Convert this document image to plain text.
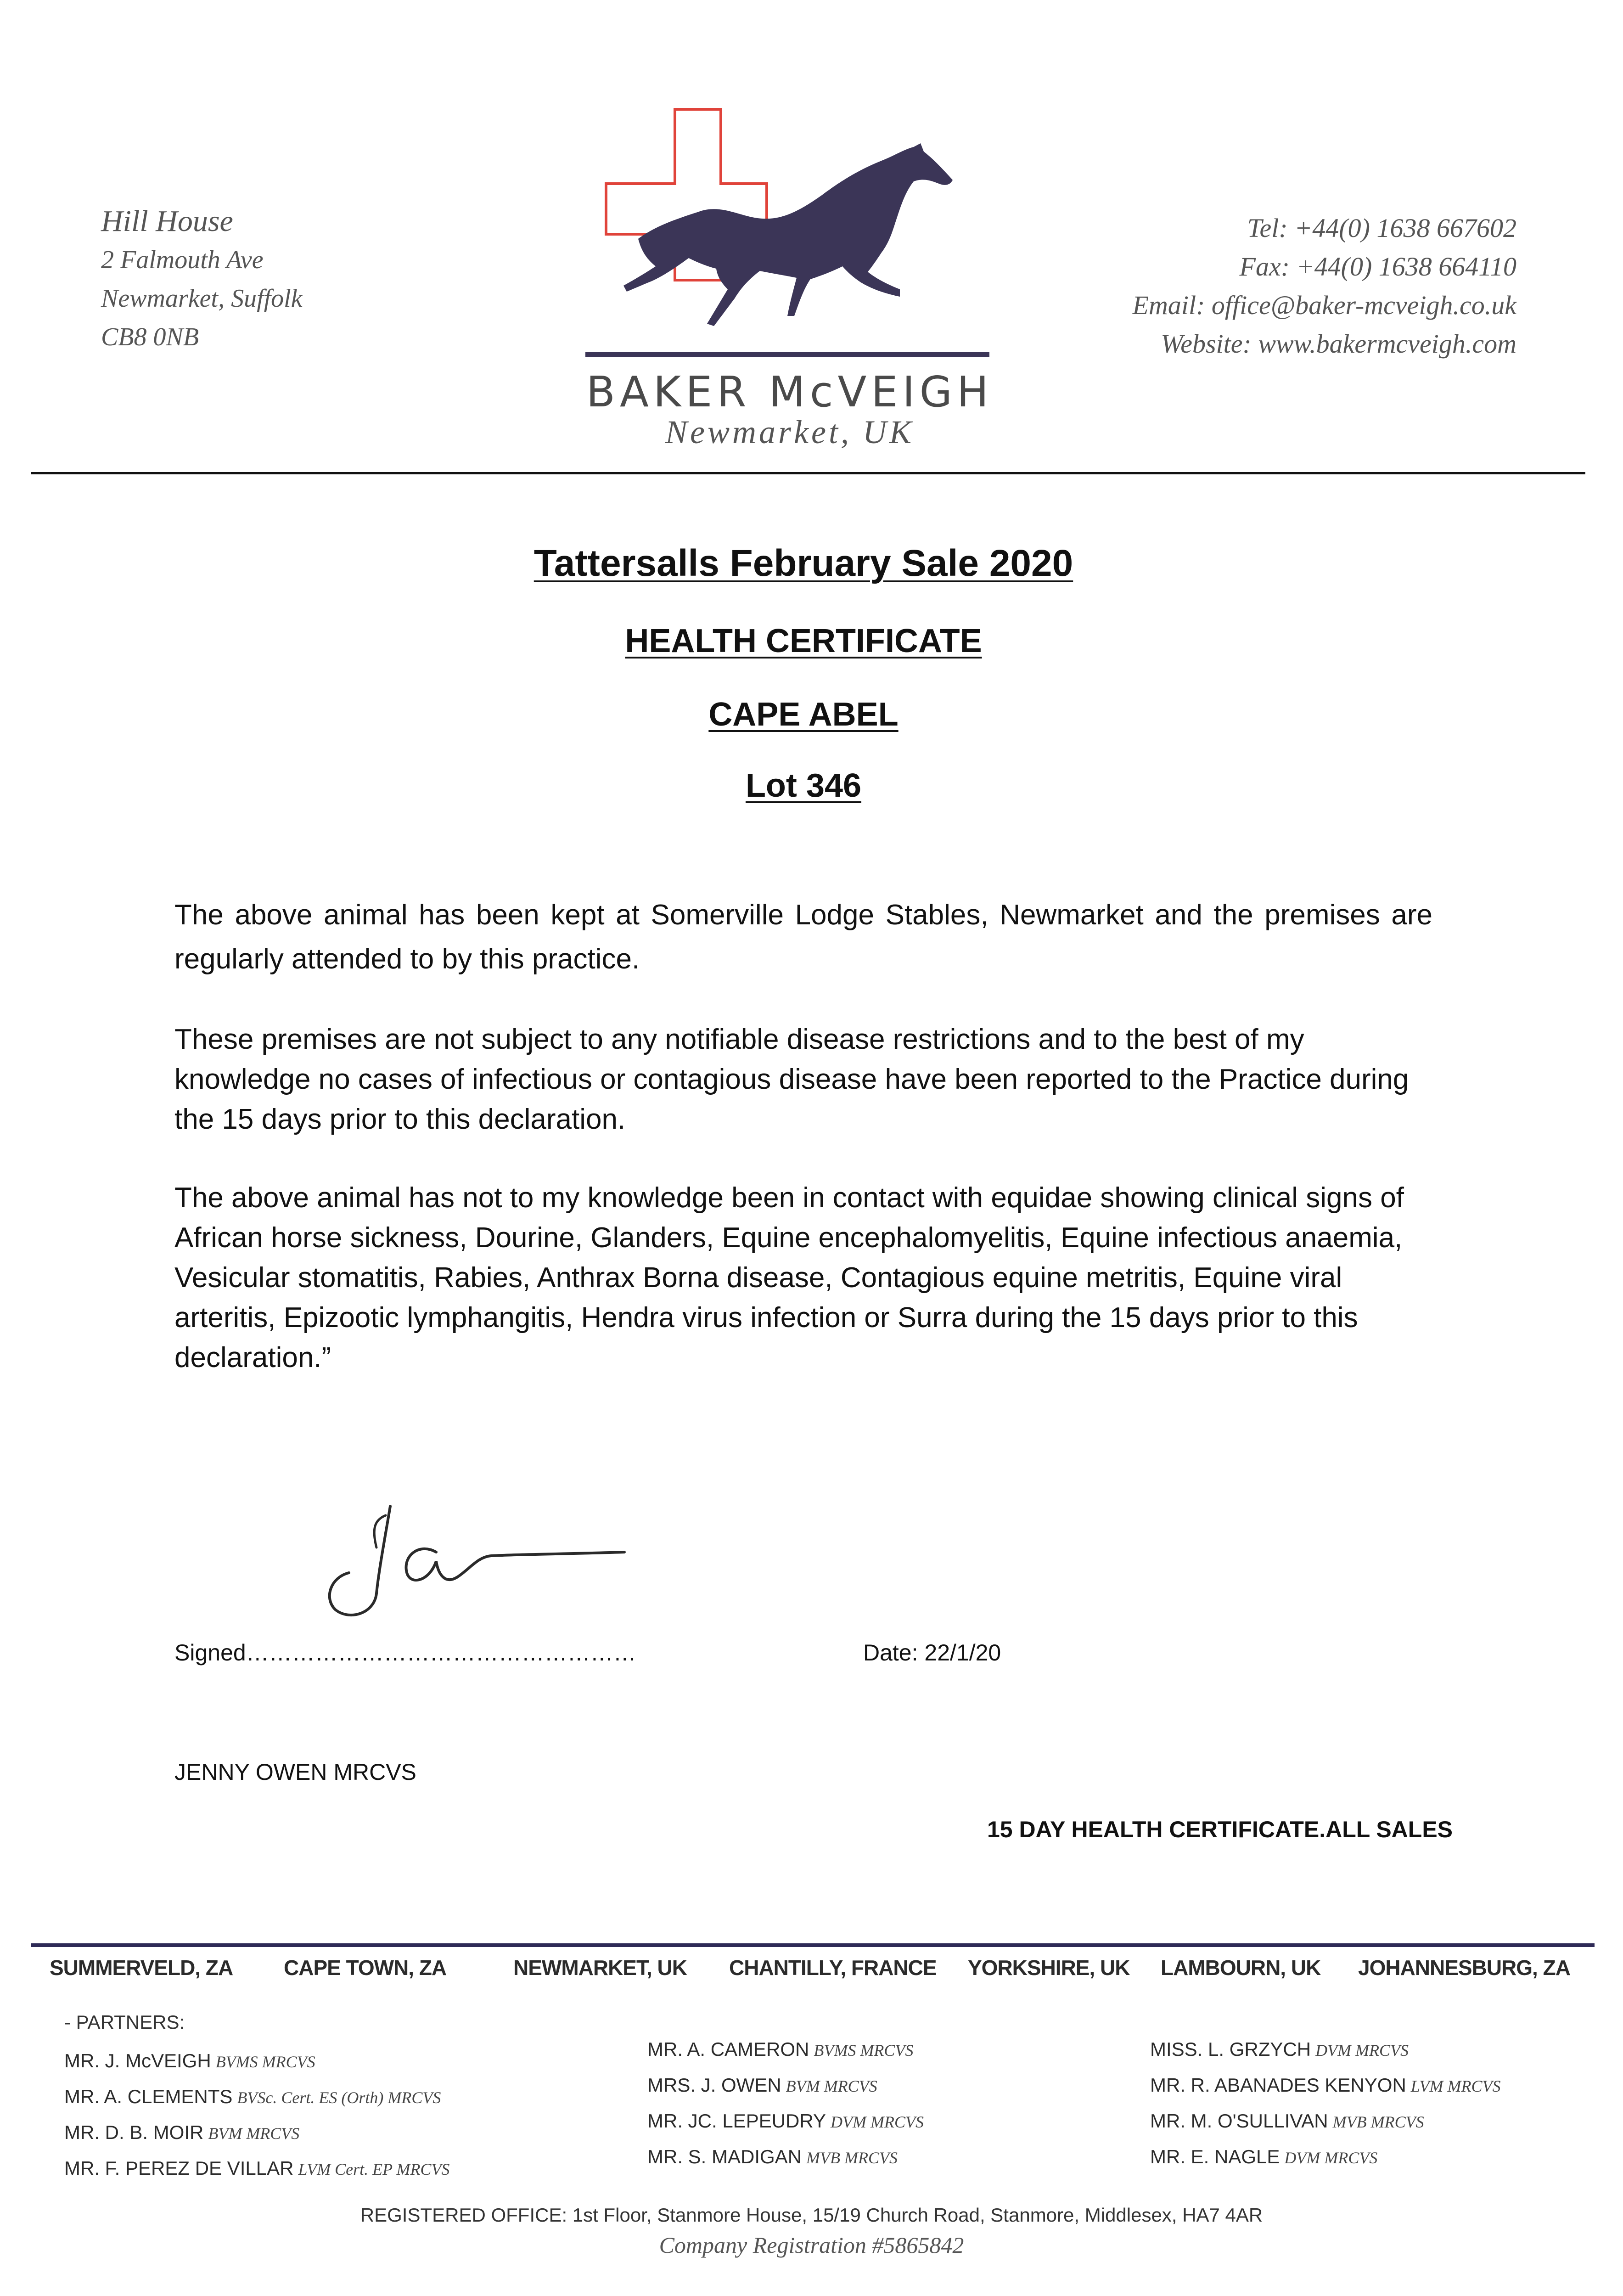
Hill House
2 Falmouth Ave
Newmarket, Suffolk
CB8 0NB
BAKER McVEIGH
Newmarket, UK
Tel: +44(0) 1638 667602
Fax: +44(0) 1638 664110
Email: office@baker-mcveigh.co.uk
Website: www.bakermcveigh.com
Tattersalls February Sale 2020
HEALTH CERTIFICATE
CAPE ABEL
Lot 346
The above animal has been kept at Somerville Lodge Stables, Newmarket and the premises are regularly attended to by this practice.
These premises are not subject to any notifiable disease restrictions and to the best of my knowledge no cases of infectious or contagious disease have been reported to the Practice during the 15 days prior to this declaration.
The above animal has not to my knowledge been in contact with equidae showing clinical signs of African horse sickness, Dourine, Glanders, Equine encephalomyelitis, Equine infectious anaemia, Vesicular stomatitis, Rabies, Anthrax Borna disease, Contagious equine metritis, Equine viral arteritis, Epizootic lymphangitis, Hendra virus infection or Surra during the 15 days prior to this declaration.”
Signed……………………………………………	Date: 22/1/20
JENNY OWEN MRCVS
15 DAY HEALTH CERTIFICATE.ALL SALES
SUMMERVELD, ZA CAPE TOWN, ZA	NEWMARKET, UK CHANTILLY, FRANCE YORKSHIRE, UK LAMBOURN, UK JOHANNESBURG, ZA
- PARTNERS:
MR. J. McVEIGH BVMS MRCVS
MR. A. CLEMENTS BVSc. Cert. ES (Orth) MRCVS
MR. D. B. MOIR BVM MRCVS
MR. F. PEREZ DE VILLAR LVM Cert. EP MRCVS
MR. A. CAMERON BVMS MRCVS
MRS. J. OWEN BVM MRCVS
MR. JC. LEPEUDRY DVM MRCVS
MR. S. MADIGAN MVB MRCVS
MISS. L. GRZYCH DVM MRCVS
MR. R. ABANADES KENYON LVM MRCVS
MR. M. O'SULLIVAN MVB MRCVS
MR. E. NAGLE DVM MRCVS
REGISTERED OFFICE: 1st Floor, Stanmore House, 15/19 Church Road, Stanmore, Middlesex, HA7 4AR
Company Registration #5865842
